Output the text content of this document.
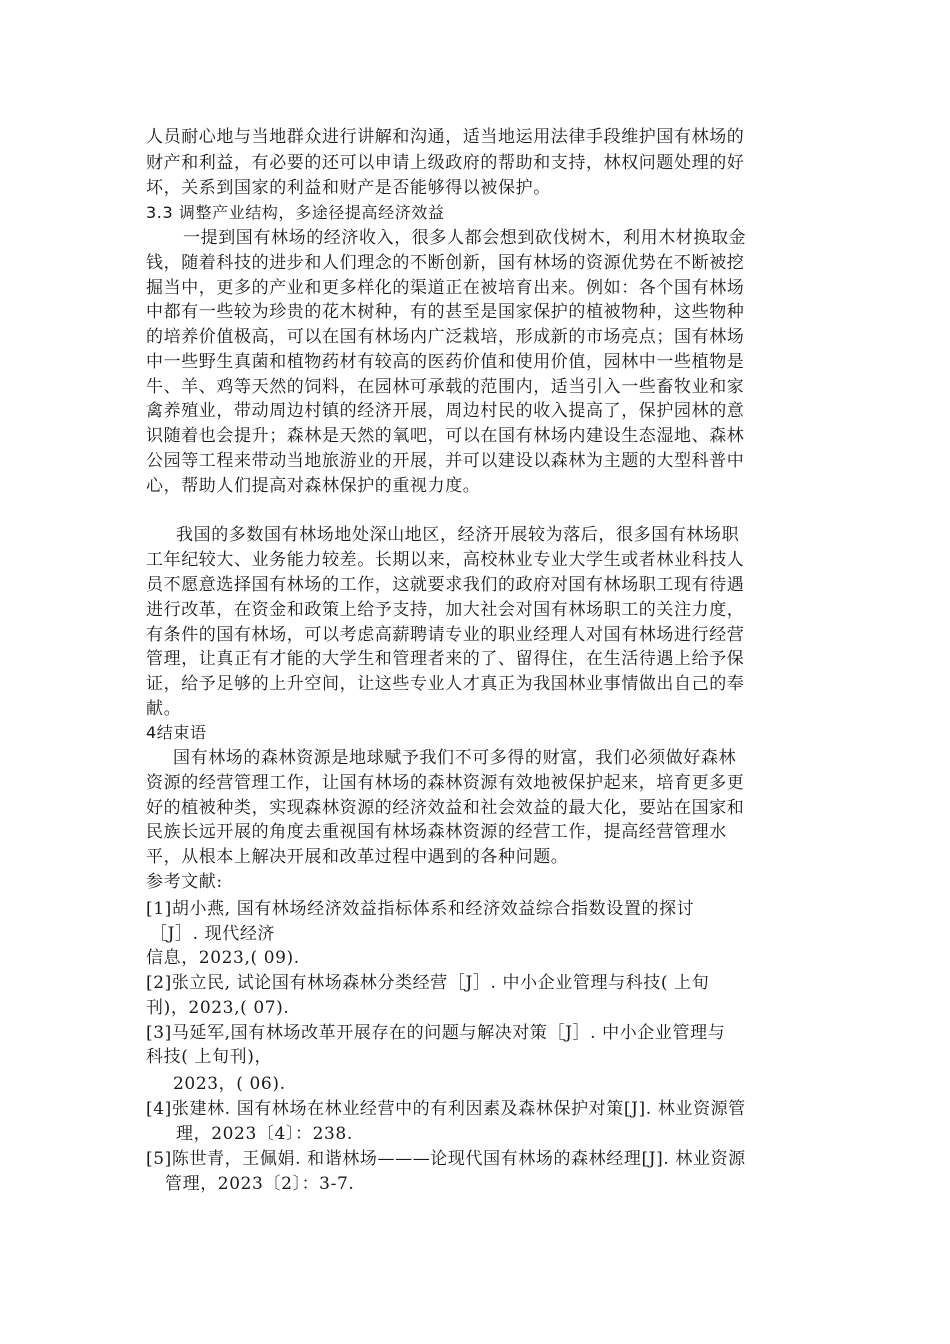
人员耐心地与当地群众进行讲解和沟通，适当地运用法律手段维护国有林场的
财产和利益，有必要的还可以申请上级政府的帮助和支持，林权问题处理的好
坏，关系到国家的利益和财产是否能够得以被保护。
3.3 调整产业结构，多途径提高经济效益
一提到国有林场的经济收入，很多人都会想到砍伐树木，利用木材换取金
钱，随着科技的进步和人们理念的不断创新，国有林场的资源优势在不断被挖
掘当中，更多的产业和更多样化的渠道正在被培育出来。例如：各个国有林场
中都有一些较为珍贵的花木树种，有的甚至是国家保护的植被物种，这些物种
的培养价值极高，可以在国有林场内广泛栽培，形成新的市场亮点；国有林场
中一些野生真菌和植物药材有较高的医药价值和使用价值，园林中一些植物是
牛、羊、鸡等天然的饲料，在园林可承载的范围内，适当引入一些畜牧业和家
禽养殖业，带动周边村镇的经济开展，周边村民的收入提高了，保护园林的意
识随着也会提升；森林是天然的氧吧，可以在国有林场内建设生态湿地、森林
公园等工程来带动当地旅游业的开展，并可以建设以森林为主题的大型科普中
心，帮助人们提高对森林保护的重视力度。
我国的多数国有林场地处深山地区，经济开展较为落后，很多国有林场职
工年纪较大、业务能力较差。长期以来，高校林业专业大学生或者林业科技人
员不愿意选择国有林场的工作，这就要求我们的政府对国有林场职工现有待遇
进行改革，在资金和政策上给予支持，加大社会对国有林场职工的关注力度，
有条件的国有林场，可以考虑高薪聘请专业的职业经理人对国有林场进行经营
管理，让真正有才能的大学生和管理者来的了、留得住，在生活待遇上给予保
证，给予足够的上升空间，让这些专业人才真正为我国林业事情做出自己的奉
献。
4结束语
国有林场的森林资源是地球赋予我们不可多得的财富，我们必须做好森林
资源的经营管理工作，让国有林场的森林资源有效地被保护起来，培育更多更
好的植被种类，实现森林资源的经济效益和社会效益的最大化，要站在国家和
民族长远开展的角度去重视国有林场森林资源的经营工作，提高经营管理水
平，从根本上解决开展和改革过程中遇到的各种问题。
参考文献:
[1]胡小燕, 国有林场经济效益指标体系和经济效益综合指数设置的探讨
［J］. 现代经济
信息，2023,( 09).
[2]张立民, 试论国有林场森林分类经营［J］. 中小企业管理与科技( 上旬
刊)，2023,( 07).
[3]马延军,国有林场改革开展存在的问题与解决对策［J］. 中小企业管理与
科技( 上旬刊)，
2023，( 06).
[4]张建林. 国有林场在林业经营中的有利因素及森林保护对策[J]. 林业资源管
理，2023〔4〕：238.
[5]陈世青，王佩娟. 和谐林场———论现代国有林场的森林经理[J]. 林业资源
管理，2023〔2〕：3-7.
